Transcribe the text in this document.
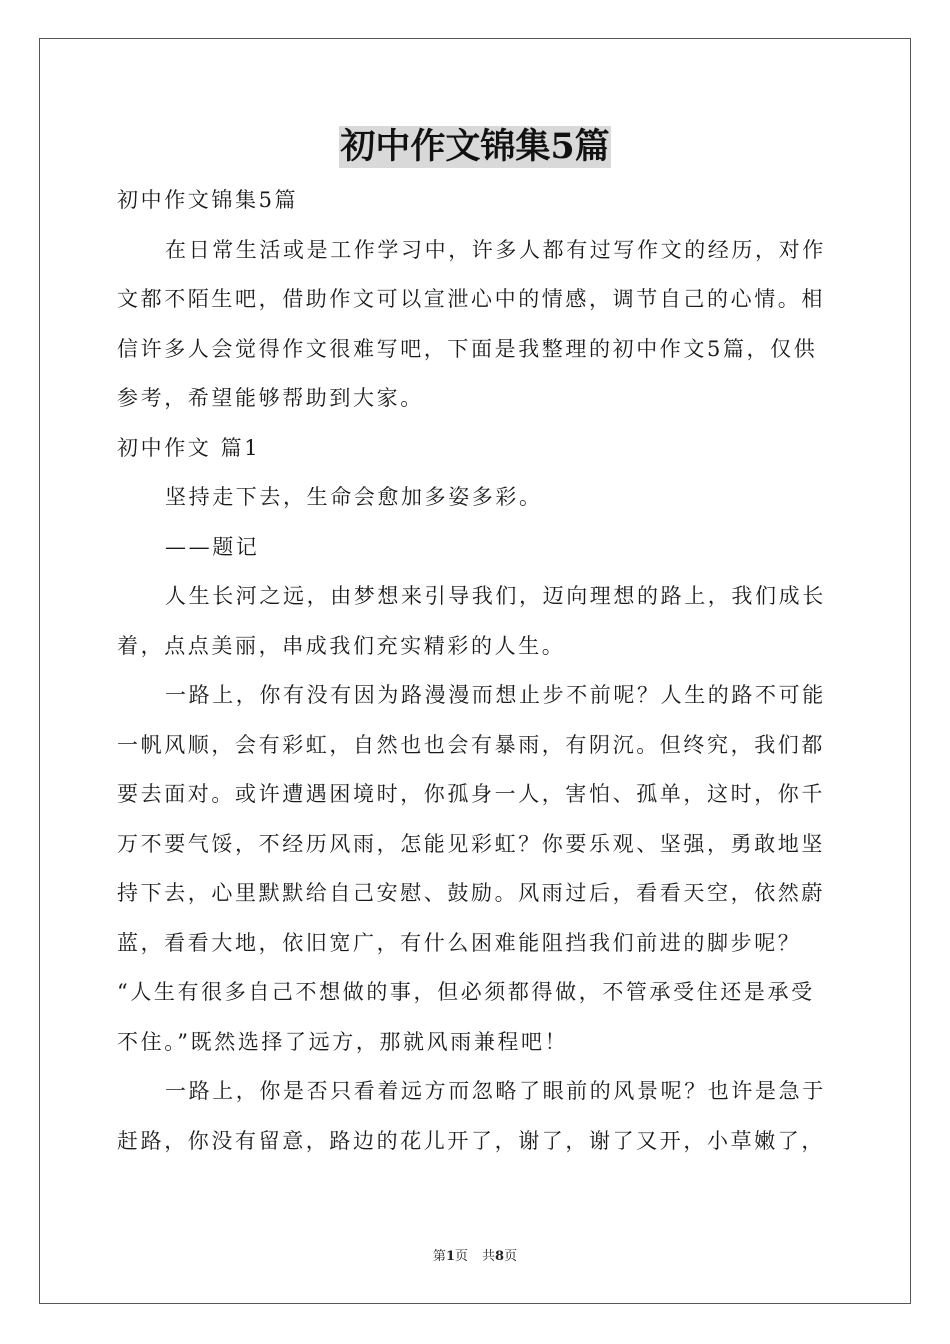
初中作文锦集5篇
初中作文锦集5篇
在日常生活或是工作学习中，许多人都有过写作文的经历，对作
文都不陌生吧，借助作文可以宣泄心中的情感，调节自己的心情。相
信许多人会觉得作文很难写吧，下面是我整理的初中作文5篇，仅供
参考，希望能够帮助到大家。
初中作文 篇1
坚持走下去，生命会愈加多姿多彩。
——题记
人生长河之远，由梦想来引导我们，迈向理想的路上，我们成长
着，点点美丽，串成我们充实精彩的人生。
一路上，你有没有因为路漫漫而想止步不前呢？人生的路不可能
一帆风顺，会有彩虹，自然也也会有暴雨，有阴沉。但终究，我们都
要去面对。或许遭遇困境时，你孤身一人，害怕、孤单，这时，你千
万不要气馁，不经历风雨，怎能见彩虹？你要乐观、坚强，勇敢地坚
持下去，心里默默给自己安慰、鼓励。风雨过后，看看天空，依然蔚
蓝，看看大地，依旧宽广，有什么困难能阻挡我们前进的脚步呢？
“人生有很多自己不想做的事，但必须都得做，不管承受住还是承受
不住。”既然选择了远方，那就风雨兼程吧！
一路上，你是否只看着远方而忽略了眼前的风景呢？也许是急于
赶路，你没有留意，路边的花儿开了，谢了，谢了又开，小草嫩了，
第1页 共8页
